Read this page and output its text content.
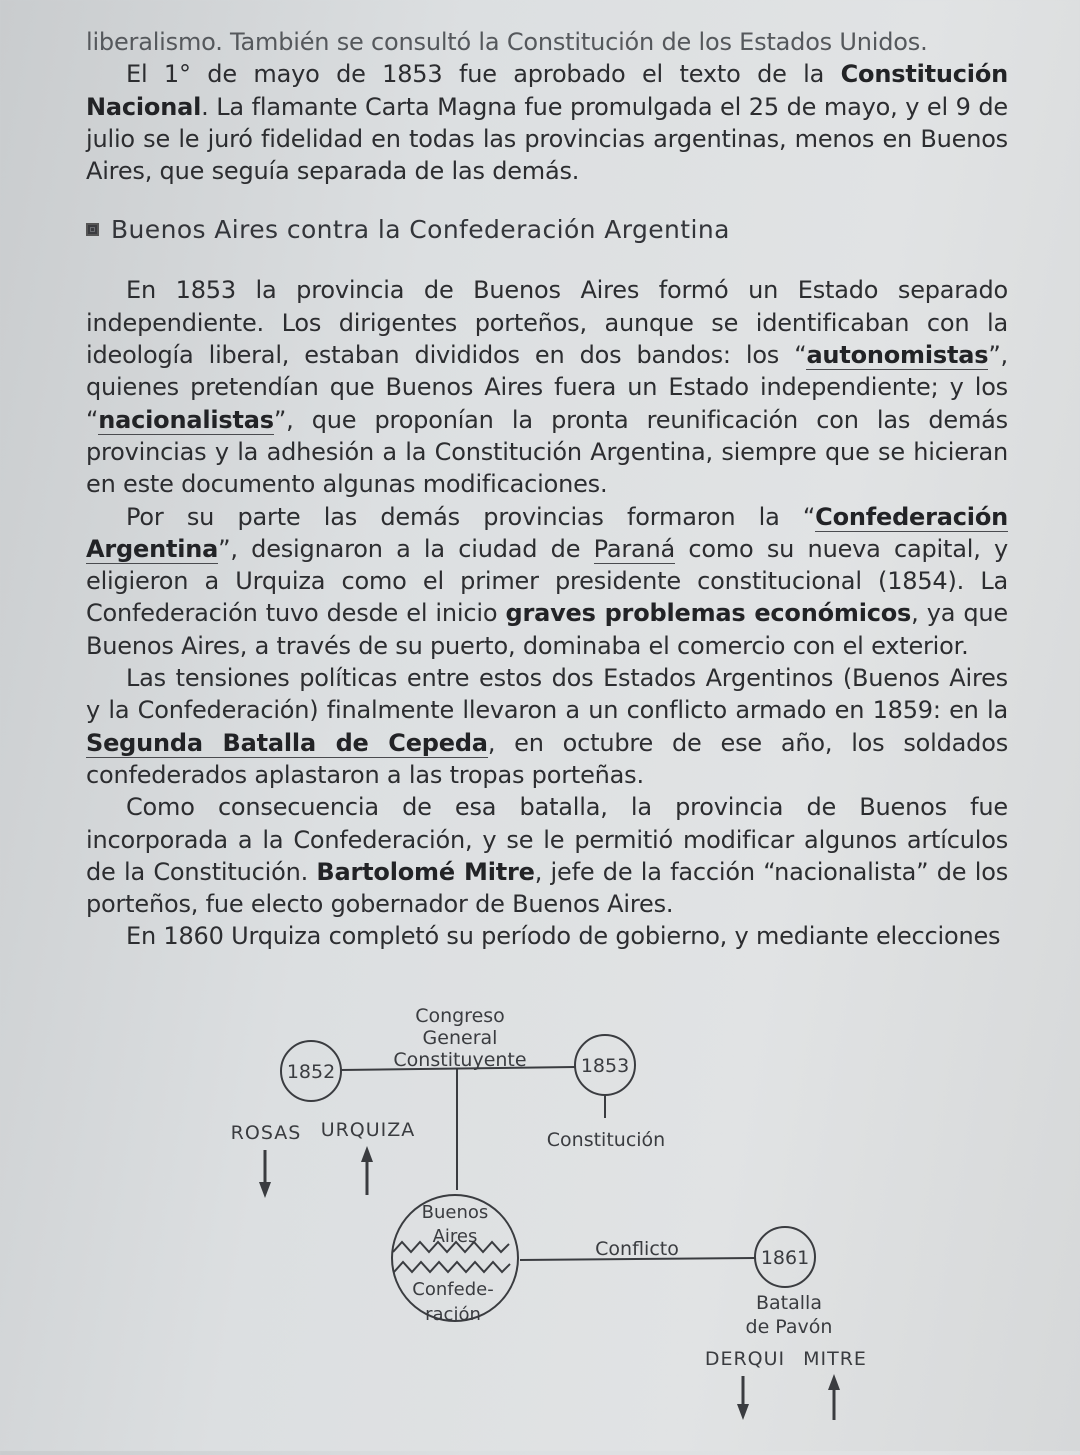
liberalismo. También se consultó la Constitución de los Estados Unidos.

El 1° de mayo de 1853 fue aprobado el texto de la Constitución Nacional. La flamante Carta Magna fue promulgada el 25 de mayo, y el 9 de julio se le juró fidelidad en todas las provincias argentinas, menos en Buenos Aires, que seguía separada de las demás.

Buenos Aires contra la Confederación Argentina

En 1853 la provincia de Buenos Aires formó un Estado separado independiente. Los dirigentes porteños, aunque se identificaban con la ideología liberal, estaban divididos en dos bandos: los “autonomistas”, quienes pretendían que Buenos Aires fuera un Estado independiente; y los “nacionalistas”, que proponían la pronta reunificación con las demás provincias y la adhesión a la Constitución Argentina, siempre que se hicieran en este documento algunas modificaciones.

Por su parte las demás provincias formaron la “Confederación Argentina”, designaron a la ciudad de Paraná como su nueva capital, y eligieron a Urquiza como el primer presidente constitucional (1854). La Confederación tuvo desde el inicio graves problemas económicos, ya que Buenos Aires, a través de su puerto, dominaba el comercio con el exterior.

Las tensiones políticas entre estos dos Estados Argentinos (Buenos Aires y la Confederación) finalmente llevaron a un conflicto armado en 1859: en la Segunda Batalla de Cepeda, en octubre de ese año, los soldados confederados aplastaron a las tropas porteñas.

Como consecuencia de esa batalla, la provincia de Buenos fue incorporada a la Confederación, y se le permitió modificar algunos artículos de la Constitución. Bartolomé Mitre, jefe de la facción “nacionalista” de los porteños, fue electo gobernador de Buenos Aires.

En 1860 Urquiza completó su período de gobierno, y mediante elecciones

1852	1853
Congreso
General
Constituyente
Constitución
ROSAS URQUIZA
Buenos
Aires
Confede-
ración
Conflicto	1861
Batalla
de Pavón
DERQUI MITRE
